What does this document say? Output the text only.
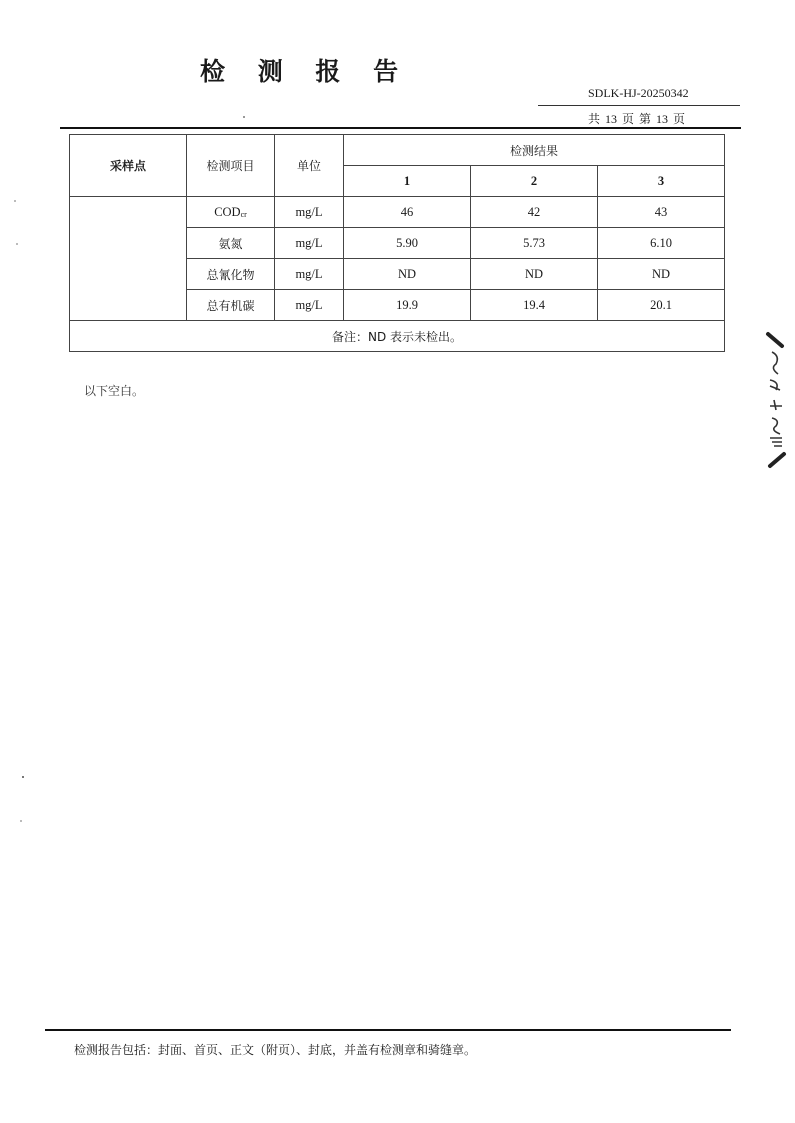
检 测 报 告
SDLK-HJ-20250342
共 13 页 第 13 页
采样点	检测项目	单位	检测结果		
			1	2	3
	$COD_{cr}$	mg/L	46	42	43
	氨氮	mg/L	5.90	5.73	6.10
	总氰化物	mg/L	ND	ND	ND
	总有机碳	mg/L	19.9	19.4	20.1
备注：ND 表示未检出。					
以下空白。
检测报告包括：封面、首页、正文（附页）、封底，并盖有检测章和骑缝章。
